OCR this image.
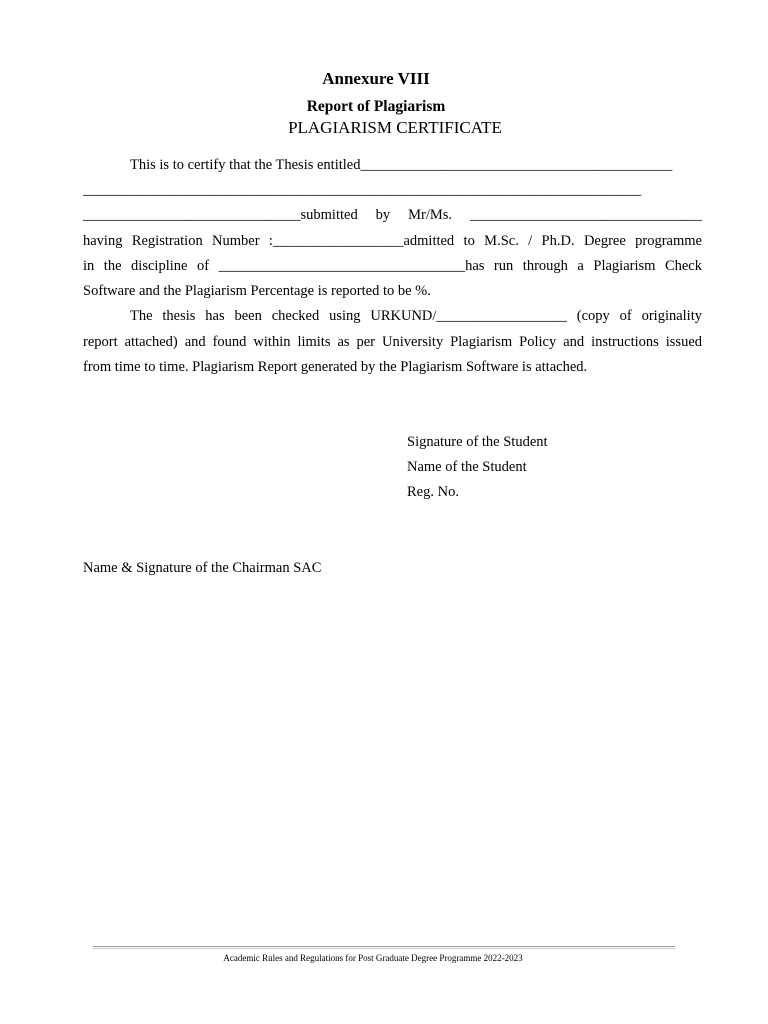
Annexure VIII
Report of Plagiarism
PLAGIARISM CERTIFICATE
This is to certify that the Thesis entitled___________________________________________
_____________________________________________________________________________
______________________________submitted by Mr/Ms. ________________________________
having Registration Number :__________________admitted to M.Sc. / Ph.D. Degree programme
in the discipline of __________________________________has run through a Plagiarism Check
Software and the Plagiarism Percentage is reported to be %.
The thesis has been checked using URKUND/__________________ (copy of originality
report attached) and found within limits as per University Plagiarism Policy and instructions issued
from time to time. Plagiarism Report generated by the Plagiarism Software is attached.
Signature of the Student
Name of the Student
Reg. No.
Name & Signature of the Chairman SAC
Academic Rules and Regulations for Post Graduate Degree Programme 2022-2023
